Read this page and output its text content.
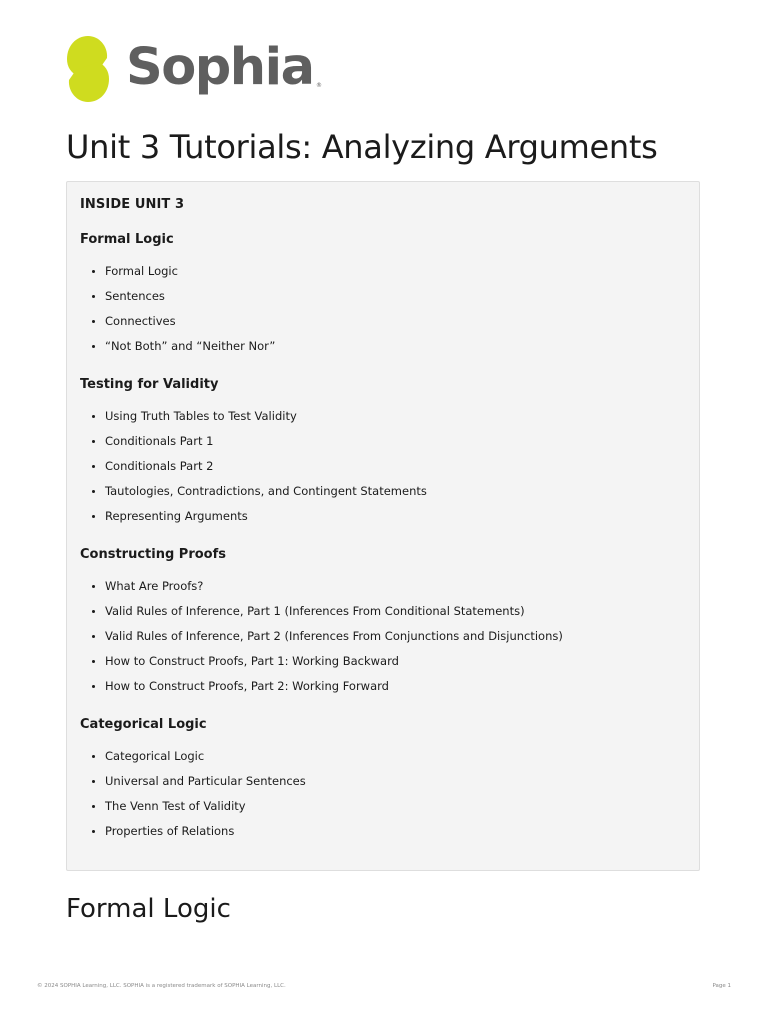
Sophia ®
Unit 3 Tutorials: Analyzing Arguments
INSIDE UNIT 3
Formal Logic
Formal Logic
Sentences
Connectives
“Not Both” and “Neither Nor”
Testing for Validity
Using Truth Tables to Test Validity
Conditionals Part 1
Conditionals Part 2
Tautologies, Contradictions, and Contingent Statements
Representing Arguments
Constructing Proofs
What Are Proofs?
Valid Rules of Inference, Part 1 (Inferences From Conditional Statements)
Valid Rules of Inference, Part 2 (Inferences From Conjunctions and Disjunctions)
How to Construct Proofs, Part 1: Working Backward
How to Construct Proofs, Part 2: Working Forward
Categorical Logic
Categorical Logic
Universal and Particular Sentences
The Venn Test of Validity
Properties of Relations
Formal Logic
© 2024 SOPHIA Learning, LLC. SOPHIA is a registered trademark of SOPHIA Learning, LLC.	Page 1
